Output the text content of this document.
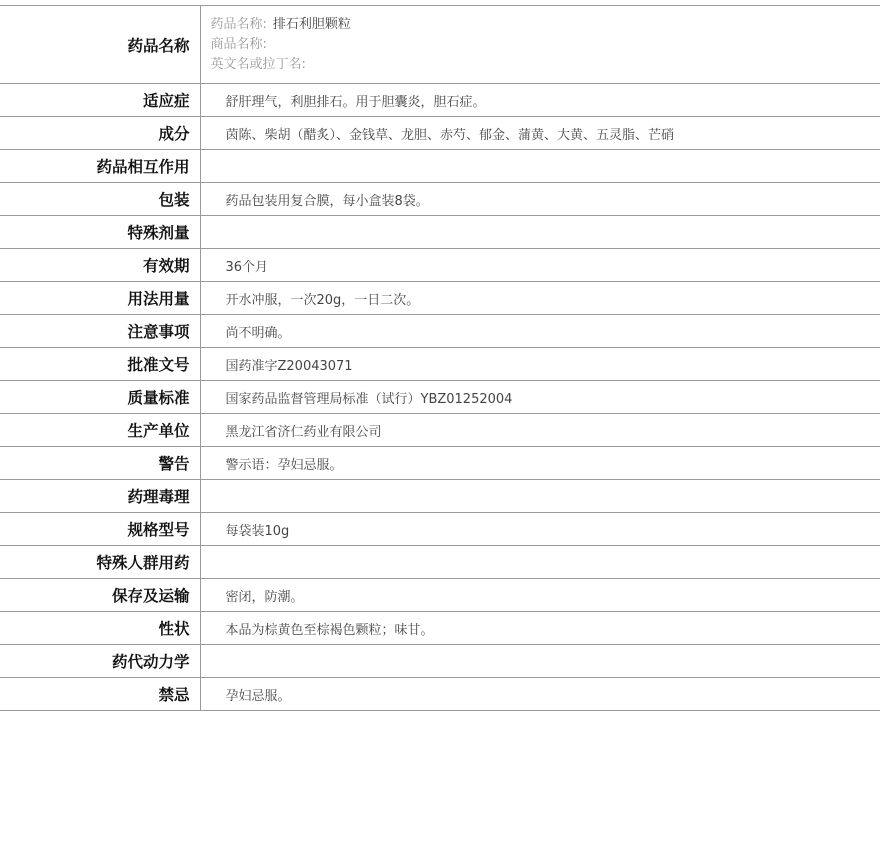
药品名称	药品名称: 排石利胆颗粒
商品名称:
英文名或拉丁名:

适应症	舒肝理气，利胆排石。用于胆囊炎，胆石症。
成分	茵陈、柴胡（醋炙）、金钱草、龙胆、赤芍、郁金、蒲黄、大黄、五灵脂、芒硝
药品相互作用	
包装	药品包装用复合膜，每小盒装8袋。
特殊剂量	
有效期	36个月
用法用量	开水冲服，一次20g，一日二次。
注意事项	尚不明确。
批准文号	国药准字Z20043071
质量标准	国家药品监督管理局标准（试行）YBZ01252004
生产单位	黑龙江省济仁药业有限公司
警告	警示语：孕妇忌服。
药理毒理	
规格型号	每袋装10g
特殊人群用药	
保存及运输	密闭，防潮。
性状	本品为棕黄色至棕褐色颗粒；味甘。
药代动力学	
禁忌	孕妇忌服。
